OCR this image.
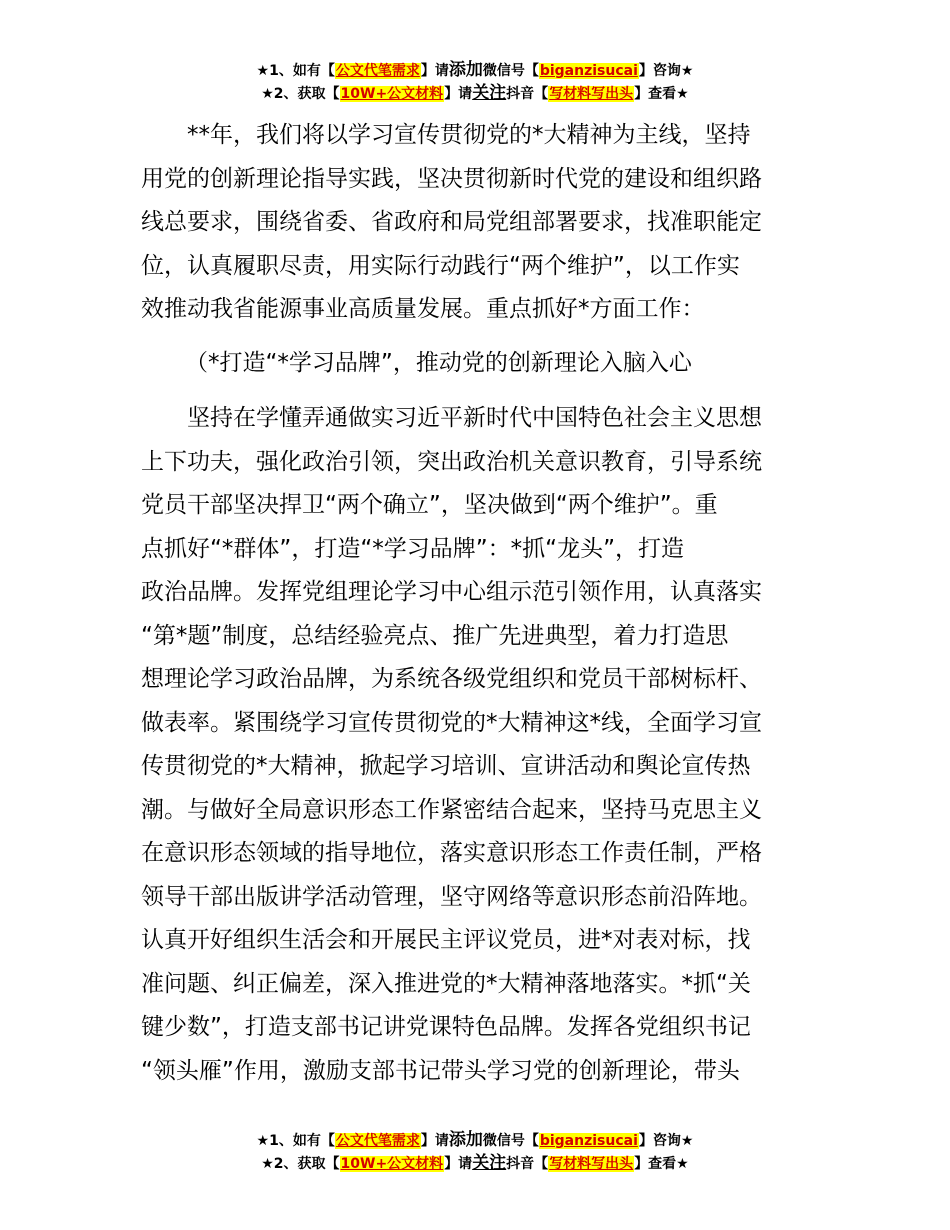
★1、如有【公文代笔需求】请添加微信号【biganzisucai】咨询★
★2、获取【10W+公文材料】请关注抖音【写材料写出头】查看★
**年，我们将以学习宣传贯彻党的*大精神为主线，坚持
用党的创新理论指导实践，坚决贯彻新时代党的建设和组织路
线总要求，围绕省委、省政府和局党组部署要求，找准职能定
位，认真履职尽责，用实际行动践行“两个维护”，以工作实
效推动我省能源事业高质量发展。重点抓好*方面工作：
（*打造“*学习品牌”，推动党的创新理论入脑入心
坚持在学懂弄通做实习近平新时代中国特色社会主义思想
上下功夫，强化政治引领，突出政治机关意识教育，引导系统
党员干部坚决捍卫“两个确立”，坚决做到“两个维护”。重
点抓好“*群体”，打造“*学习品牌”：*抓“龙头”，打造
政治品牌。发挥党组理论学习中心组示范引领作用，认真落实
“第*题”制度，总结经验亮点、推广先进典型，着力打造思
想理论学习政治品牌，为系统各级党组织和党员干部树标杆、
做表率。紧围绕学习宣传贯彻党的*大精神这*线，全面学习宣
传贯彻党的*大精神，掀起学习培训、宣讲活动和舆论宣传热
潮。与做好全局意识形态工作紧密结合起来，坚持马克思主义
在意识形态领域的指导地位，落实意识形态工作责任制，严格
领导干部出版讲学活动管理，坚守网络等意识形态前沿阵地。
认真开好组织生活会和开展民主评议党员，进*对表对标，找
准问题、纠正偏差，深入推进党的*大精神落地落实。*抓“关
键少数”，打造支部书记讲党课特色品牌。发挥各党组织书记
“领头雁”作用，激励支部书记带头学习党的创新理论，带头
★1、如有【公文代笔需求】请添加微信号【biganzisucai】咨询★
★2、获取【10W+公文材料】请关注抖音【写材料写出头】查看★
